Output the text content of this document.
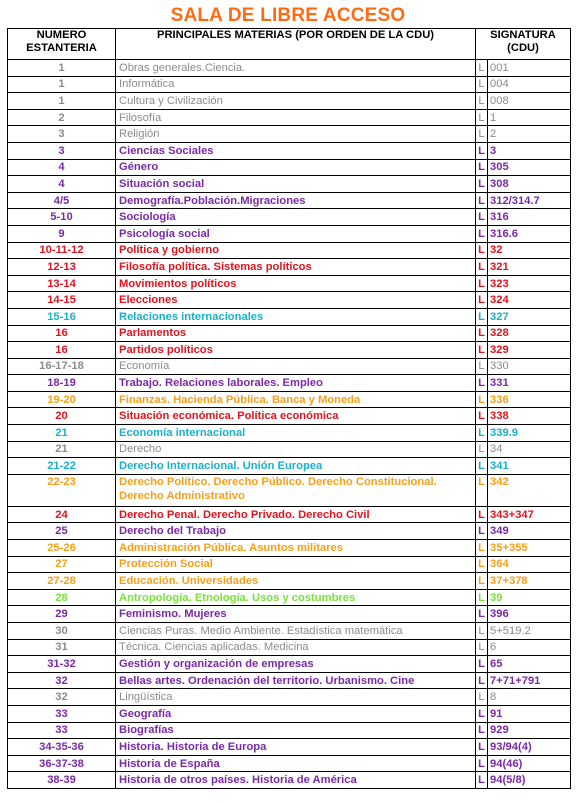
SALA DE LIBRE ACCESO
NUMERO ESTANTERIA	PRINCIPALES MATERIAS (POR ORDEN DE LA CDU)	SIGNATURA (CDU)	
1	Obras generales.Ciencia.	L	001
1	Informática	L	004
1	Cultura y Civilización	L	008
2	Filosofía	L	1
3	Religión	L	2
3	Ciencias Sociales	L	3
4	Género	L	305
4	Situación social	L	308
4/5	Demografía.Población.Migraciones	L	312/314.7
5-10	Sociología	L	316
9	Psicología social	L	316.6
10-11-12	Política y gobierno	L	32
12-13	Filosofía política. Sistemas políticos	L	321
13-14	Movimientos políticos	L	323
14-15	Elecciones	L	324
15-16	Relaciones internacionales	L	327
16	Parlamentos	L	328
16	Partidos políticos	L	329
16-17-18	Economía	L	330
18-19	Trabajo. Relaciones laborales. Empleo	L	331
19-20	Finanzas. Hacienda Pública. Banca y Moneda	L	336
20	Situación económica. Política económica	L	338
21	Economía internacional	L	339.9
21	Derecho	L	34
21-22	Derecho Internacional. Unión Europea	L	341
22-23	Derecho Político. Derecho Público. Derecho Constitucional. Derecho Administrativo	L	342
24	Derecho Penal. Derecho Privado. Derecho Civil	L	343+347
25	Derecho del Trabajo	L	349
25-26	Administración Pública. Asuntos militares	L	35+355
27	Protección Social	L	364
27-28	Educación. Universidades	L	37+378
28	Antropología. Etnología. Usos y costumbres	L	39
29	Feminismo. Mujeres	L	396
30	Ciencias Puras. Medio Ambiente. Estadística matemática	L	5+519.2
31	Técnica. Ciencias aplicadas. Medicina	L	6
31-32	Gestión y organización de empresas	L	65
32	Bellas artes. Ordenación del territorio. Urbanismo. Cine	L	7+71+791
32	Lingüística	L	8
33	Geografía	L	91
33	Biografías	L	929
34-35-36	Historia. Historia de Europa	L	93/94(4)
36-37-38	Historia de España	L	94(46)
38-39	Historia de otros países. Historia de América	L	94(5/8)
